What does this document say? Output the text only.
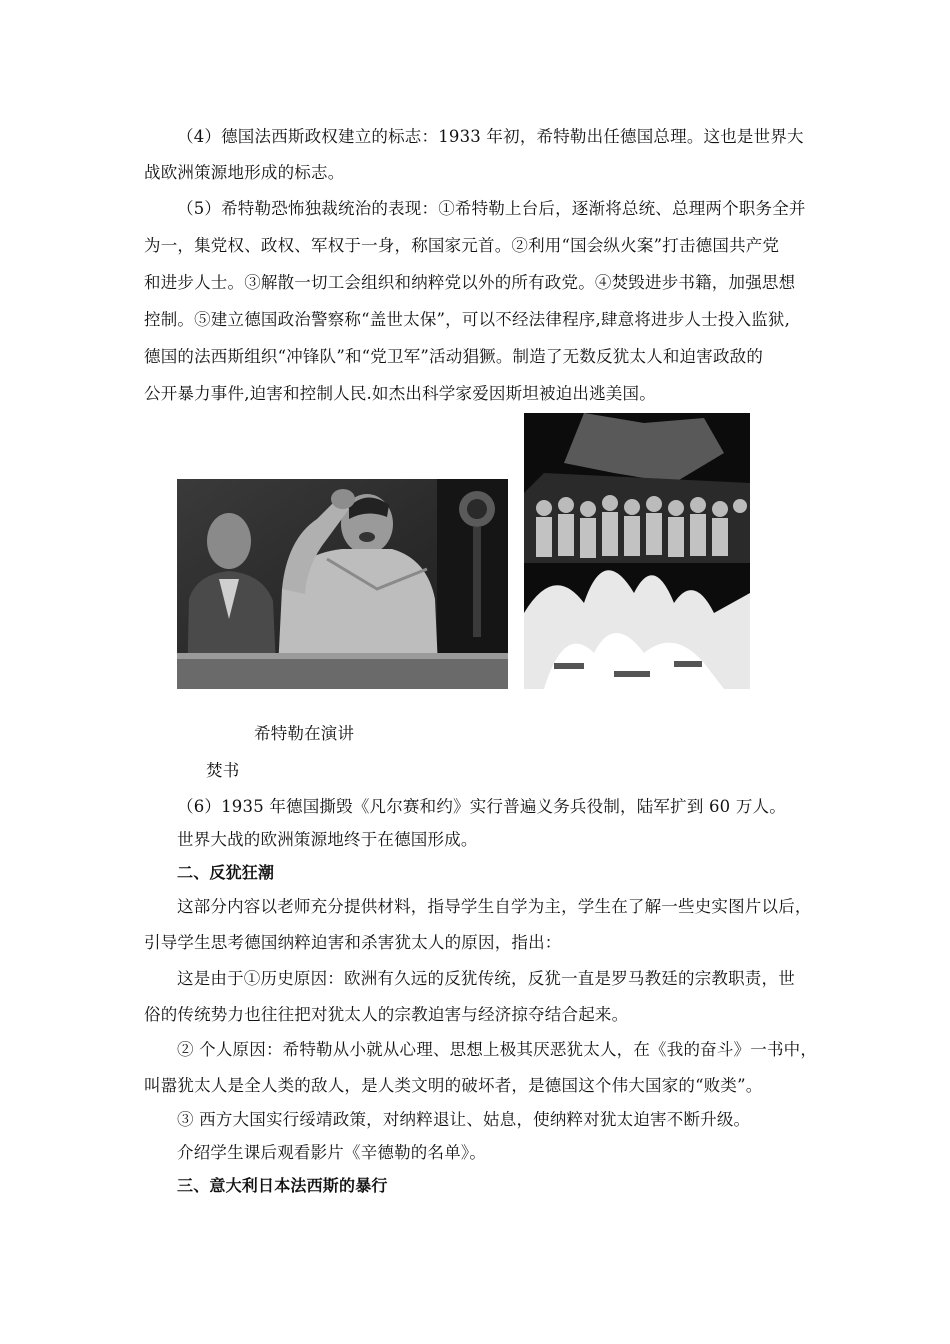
（4）德国法西斯政权建立的标志：1933 年初，希特勒出任德国总理。这也是世界大
战欧洲策源地形成的标志。
（5）希特勒恐怖独裁统治的表现：①希特勒上台后，逐渐将总统、总理两个职务全并
为一，集党权、政权、军权于一身，称国家元首。②利用“国会纵火案”打击德国共产党
和进步人士。③解散一切工会组织和纳粹党以外的所有政党。④焚毁进步书籍，加强思想
控制。⑤建立德国政治警察称“盖世太保”，可以不经法律程序,肆意将进步人士投入监狱,
德国的法西斯组织“冲锋队”和“党卫军”活动猖獗。制造了无数反犹太人和迫害政敌的
公开暴力事件,迫害和控制人民.如杰出科学家爱因斯坦被迫出逃美国。
希特勒在演讲
焚书
（6）1935 年德国撕毁《凡尔赛和约》实行普遍义务兵役制，陆军扩到 60 万人。
世界大战的欧洲策源地终于在德国形成。
二、反犹狂潮
这部分内容以老师充分提供材料，指导学生自学为主，学生在了解一些史实图片以后，
引导学生思考德国纳粹迫害和杀害犹太人的原因，指出：
这是由于①历史原因：欧洲有久远的反犹传统，反犹一直是罗马教廷的宗教职责，世
俗的传统势力也往往把对犹太人的宗教迫害与经济掠夺结合起来。
② 个人原因：希特勒从小就从心理、思想上极其厌恶犹太人，在《我的奋斗》一书中，
叫嚣犹太人是全人类的敌人，是人类文明的破坏者，是德国这个伟大国家的“败类”。
③ 西方大国实行绥靖政策，对纳粹退让、姑息，使纳粹对犹太迫害不断升级。
介绍学生课后观看影片《辛德勒的名单》。
三、意大利日本法西斯的暴行
